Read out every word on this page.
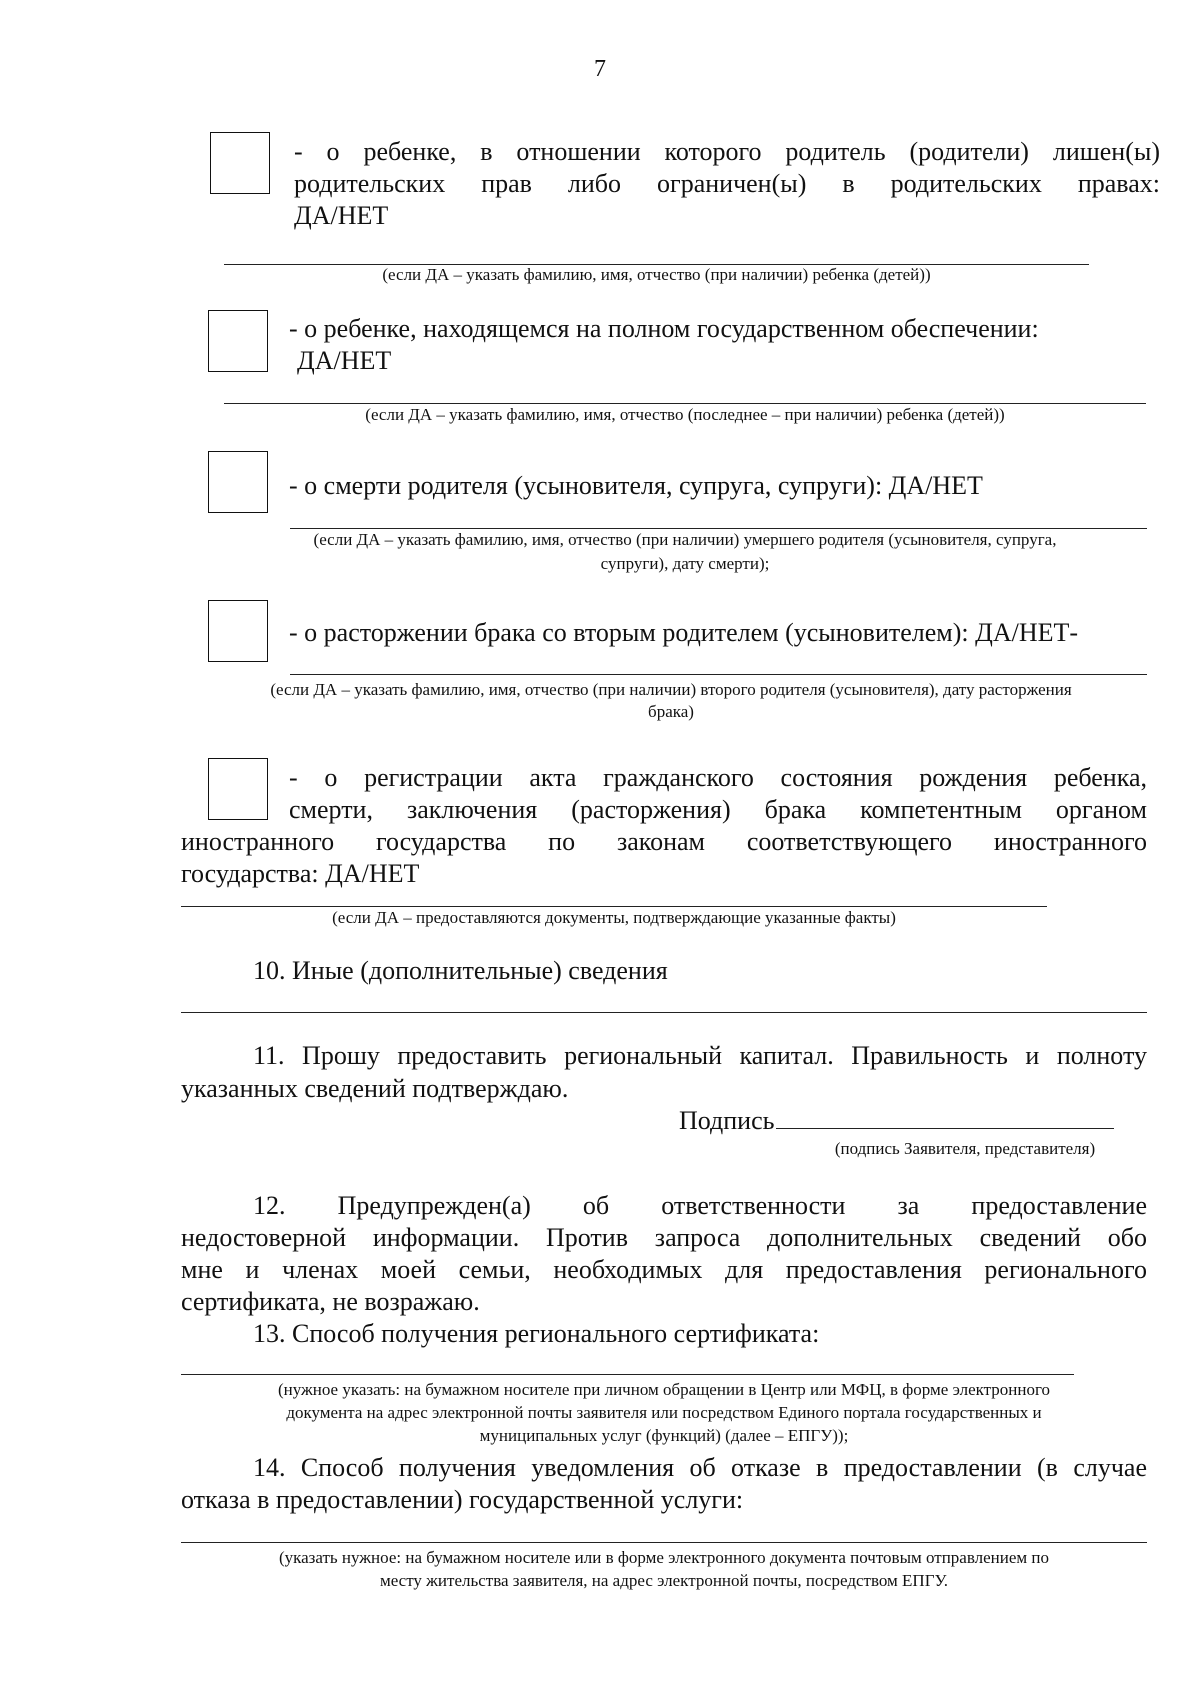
7
- о ребенке, в отношении которого родитель (родители) лишен(ы)
родительских прав либо ограничен(ы) в родительских правах:
ДА/НЕТ
(если ДА – указать фамилию, имя, отчество (при наличии) ребенка (детей))
- о ребенке, находящемся на полном государственном обеспечении:
ДА/НЕТ
(если ДА – указать фамилию, имя, отчество (последнее – при наличии) ребенка (детей))
- о смерти родителя (усыновителя, супруга, супруги): ДА/НЕТ
(если ДА – указать фамилию, имя, отчество (при наличии) умершего родителя (усыновителя, супруга,
супруги), дату смерти);
- о расторжении брака со вторым родителем (усыновителем): ДА/НЕТ-
(если ДА – указать фамилию, имя, отчество (при наличии) второго родителя (усыновителя), дату расторжения
брака)
- о регистрации акта гражданского состояния рождения ребенка,
смерти, заключения (расторжения) брака компетентным органом
иностранного государства по законам соответствующего иностранного
государства: ДА/НЕТ
(если ДА – предоставляются документы, подтверждающие указанные факты)
10. Иные (дополнительные) сведения
11. Прошу предоставить региональный капитал. Правильность и полноту
указанных сведений подтверждаю.
Подпись
(подпись Заявителя, представителя)
12. Предупрежден(а) об ответственности за предоставление
недостоверной информации. Против запроса дополнительных сведений обо
мне и членах моей семьи, необходимых для предоставления регионального
сертификата, не возражаю.
13. Способ получения регионального сертификата:
(нужное указать: на бумажном носителе при личном обращении в Центр или МФЦ, в форме электронного
документа на адрес электронной почты заявителя или посредством Единого портала государственных и
муниципальных услуг (функций) (далее – ЕПГУ));
14. Способ получения уведомления об отказе в предоставлении (в случае
отказа в предоставлении) государственной услуги:
(указать нужное: на бумажном носителе или в форме электронного документа почтовым отправлением по
месту жительства заявителя, на адрес электронной почты, посредством ЕПГУ.
